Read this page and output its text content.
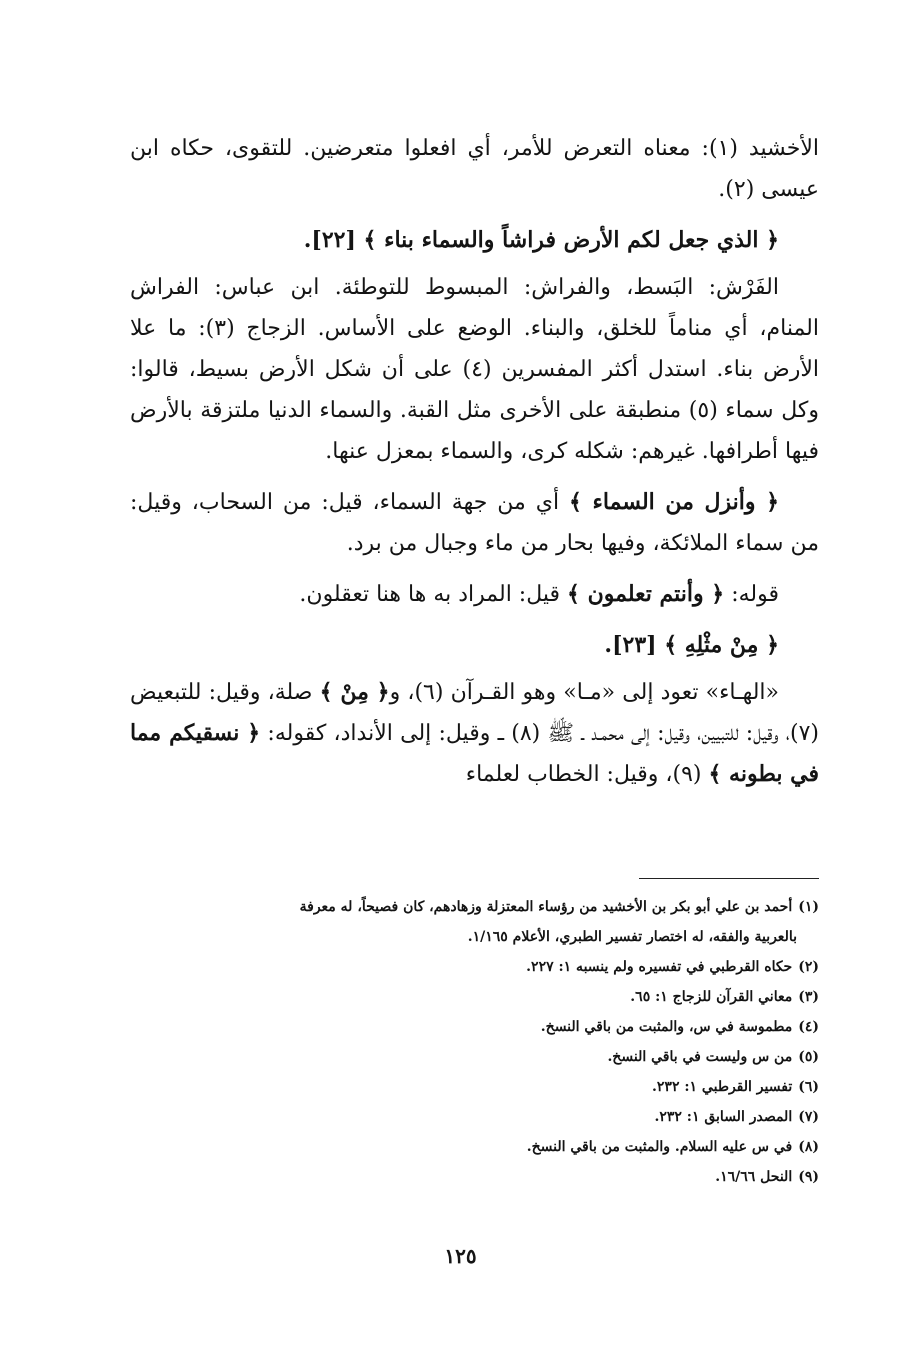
الأخشيد (١): معناه التعرض للأمر، أي افعلوا متعرضين. للتقوى، حكاه ابن عيسى (٢).

﴿ الذي جعل لكم الأرض فراشاً والسماء بناء ﴾ [٢٢].

الفَرْش: البَسط، والفراش: المبسوط للتوطئة. ابن عباس: الفراش المنام، أي مناماً للخلق، والبناء. الوضع على الأساس. الزجاج (٣): ما علا الأرض بناء. استدل أكثر المفسرين (٤) على أن شكل الأرض بسيط، قالوا: وكل سماء (٥) منطبقة على الأخرى مثل القبة. والسماء الدنيا ملتزقة بالأرض فيها أطرافها. غيرهم: شكله كرى، والسماء بمعزل عنها.

﴿ وأنزل من السماء ﴾ أي من جهة السماء، قيل: من السحاب، وقيل: من سماء الملائكة، وفيها بحار من ماء وجبال من برد.

قوله: ﴿ وأنتم تعلمون ﴾ قيل: المراد به ها هنا تعقلون.

﴿ مِنْ مثْلِهِ ﴾ [٢٣].

«الهـاء» تعود إلى «مـا» وهو القـرآن (٦)، و﴿ مِنْ ﴾ صلة، وقيل: للتبعيض (٧)، وقيل: للتبيين، وقيل: إلى محمـد ـ ﷺ (٨) ـ وقيل: إلى الأنداد، كقوله: ﴿ نسقيكم مما في بطونه ﴾ (٩)، وقيل: الخطاب لعلماء

(١)أحمد بن علي أبو بكر بن الأخشيد من رؤساء المعتزلة وزهادهم، كان فصيحاً، له معرفة
بالعربية والفقه، له اختصار تفسير الطبري، الأعلام ١/١٦٥.

(٢)حكاه القرطبي في تفسيره ولم ينسبه ١: ٢٢٧.

(٣)معاني القرآن للزجاج ١: ٦٥.

(٤)مطموسة في س، والمثبت من باقي النسخ.

(٥)من س وليست في باقي النسخ.

(٦)تفسير القرطبي ١: ٢٣٢.

(٧)المصدر السابق ١: ٢٣٢.

(٨)في س عليه السلام. والمثبت من باقي النسخ.

(٩)النحل ١٦/٦٦.

١٢٥
